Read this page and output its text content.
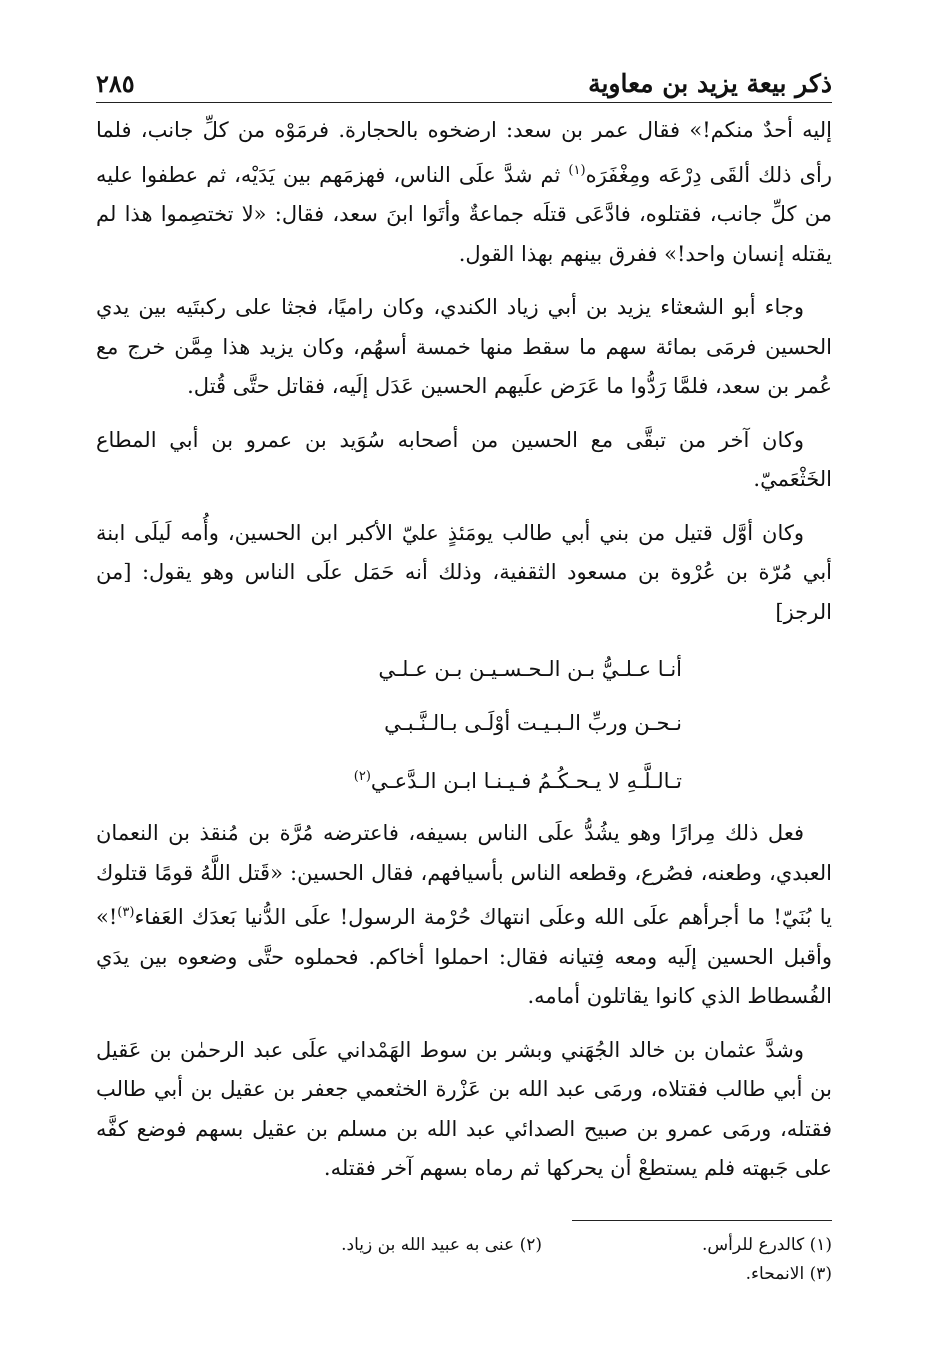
ذكر بيعة يزيد بن معاوية
٢٨٥

إليه أحدٌ منكم!» فقال عمر بن سعد: ارضخوه بالحجارة. فرمَوْه من كلِّ جانب، فلما رأى ذلك ألقَى دِرْعَه ومِغْفَرَه$^{(١)}$ ثم شدَّ علَى الناس، فهزمَهم بين يَدَيْه، ثم عطفوا عليه من كلِّ جانب، فقتلوه، فادَّعَى قتلَه جماعةٌ وأتَوا ابنَ سعد، فقال: «لا تختصِموا هذا لم يقتله إنسان واحد!» ففرق بينهم بهذا القول.

وجاء أبو الشعثاء يزيد بن أبي زياد الكندي، وكان راميًا، فجثا على ركبتَيه بين يدي الحسين فرمَى بمائة سهم ما سقط منها خمسة أسهُم، وكان يزيد هذا مِمَّن خرج مع عُمر بن سعد، فلمَّا رَدُّوا ما عَرَض علَيهم الحسين عَدَل إلَيه، فقاتل حتَّى قُتل.

وكان آخر من تبقَّى مع الحسين من أصحابه سُوَيد بن عمرو بن أبي المطاع الخَثْعَميّ.

وكان أوَّل قتيل من بني أبي طالب يومَئذٍ عليّ الأكبر ابن الحسين، وأُمه لَيلَى ابنة أبي مُرّة بن عُرْوة بن مسعود الثقفية، وذلك أنه حَمَل علَى الناس وهو يقول: [من الرجز]

أنـا عـلـيُّ بـن الـحـسـيـن بـن عـلـي
نـحـن وربِّ الـبـيـت أوْلَـى بـالـنَّـبـي
تـالـلَّـهِ لا يـحـكُـمُ فـيـنـا ابـن الـدَّعـي$^{(٢)}$

فعل ذلك مِرارًا وهو يشُدُّ علَى الناس بسيفه، فاعترضه مُرَّة بن مُنقذ بن النعمان العبدي، وطعنه، فصُرع، وقطعه الناس بأسيافهم، فقال الحسين: «قَتل اللَّهُ قومًا قتلوك يا بُنَيّ! ما أجرأهم علَى الله وعلَى انتهاك حُرْمة الرسول! علَى الدُّنيا بَعدَك العَفاء$^{(٣)}$!» وأقبل الحسين إلَيه ومعه فِتيانه فقال: احملوا أخاكم. فحملوه حتَّى وضعوه بين يدَي الفُسطاط الذي كانوا يقاتلون أمامه.

وشدَّ عثمان بن خالد الجُهَني وبشر بن سوط الهَمْداني علَى عبد الرحمٰن بن عَقيل بن أبي طالب فقتلاه، ورمَى عبد الله بن عَزْرة الخثعمي جعفر بن عقيل بن أبي طالب فقتله، ورمَى عمرو بن صبيح الصدائي عبد الله بن مسلم بن عقيل بسهم فوضع كفَّه على جَبهته فلم يستطعْ أن يحركها ثم رماه بسهم آخر فقتله.

(١) كالدرع للرأس.
(٢) عنى به عبيد الله بن زياد.
(٣) الانمحاء.
